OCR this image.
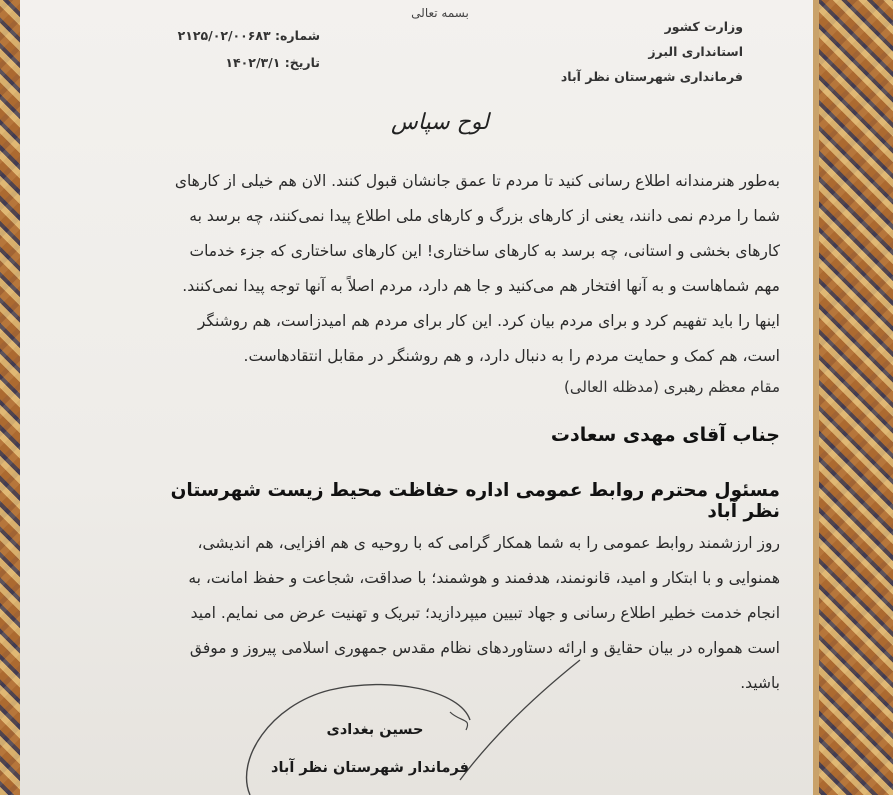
بسمه تعالی
وزارت کشور
استانداری البرز
فرمانداری شهرستان نظر آباد
شماره: ۲۱۲۵/۰۲/۰۰۶۸۳
تاریخ: ۱۴۰۲/۳/۱
لوح سپاس
به‌طور هنرمندانه اطلاع رسانی کنید تا مردم تا عمق جانشان قبول کنند. الان هم خیلی از کارهای
شما را مردم نمی دانند، یعنی از کارهای بزرگ و کارهای ملی اطلاع پیدا نمی‌کنند، چه برسد به
کارهای بخشی و استانی، چه برسد به کارهای ساختاری! این کارهای ساختاری که جزء خدمات
مهم شماهاست و به آنها افتخار هم می‌کنید و جا هم دارد، مردم اصلاً به آنها توجه پیدا نمی‌کنند.
اینها را باید تفهیم کرد و برای مردم بیان کرد. این کار برای مردم هم امیدزاست، هم روشنگر
است، هم کمک و حمایت مردم را به دنبال دارد، و هم روشنگر در مقابل انتقادهاست.
مقام معظم رهبری (مدظله العالی)
جناب آقای مهدی سعادت
مسئول محترم روابط عمومی اداره حفاظت محیط زیست شهرستان نظر آباد
روز ارزشمند روابط عمومی را به شما همکار گرامی که با روحیه ی هم افزایی، هم اندیشی،
همنوایی و با ابتکار و امید، قانونمند، هدفمند و هوشمند؛ با صداقت، شجاعت و حفظ امانت، به
انجام خدمت خطیر اطلاع رسانی و جهاد تبیین میپردازید؛ تبریک و تهنیت عرض می نمایم. امید
است همواره در بیان حقایق و ارائه دستاوردهای نظام مقدس جمهوری اسلامی پیروز و موفق
باشید.
حسین بغدادی
فرماندار شهرستان نظر آباد
